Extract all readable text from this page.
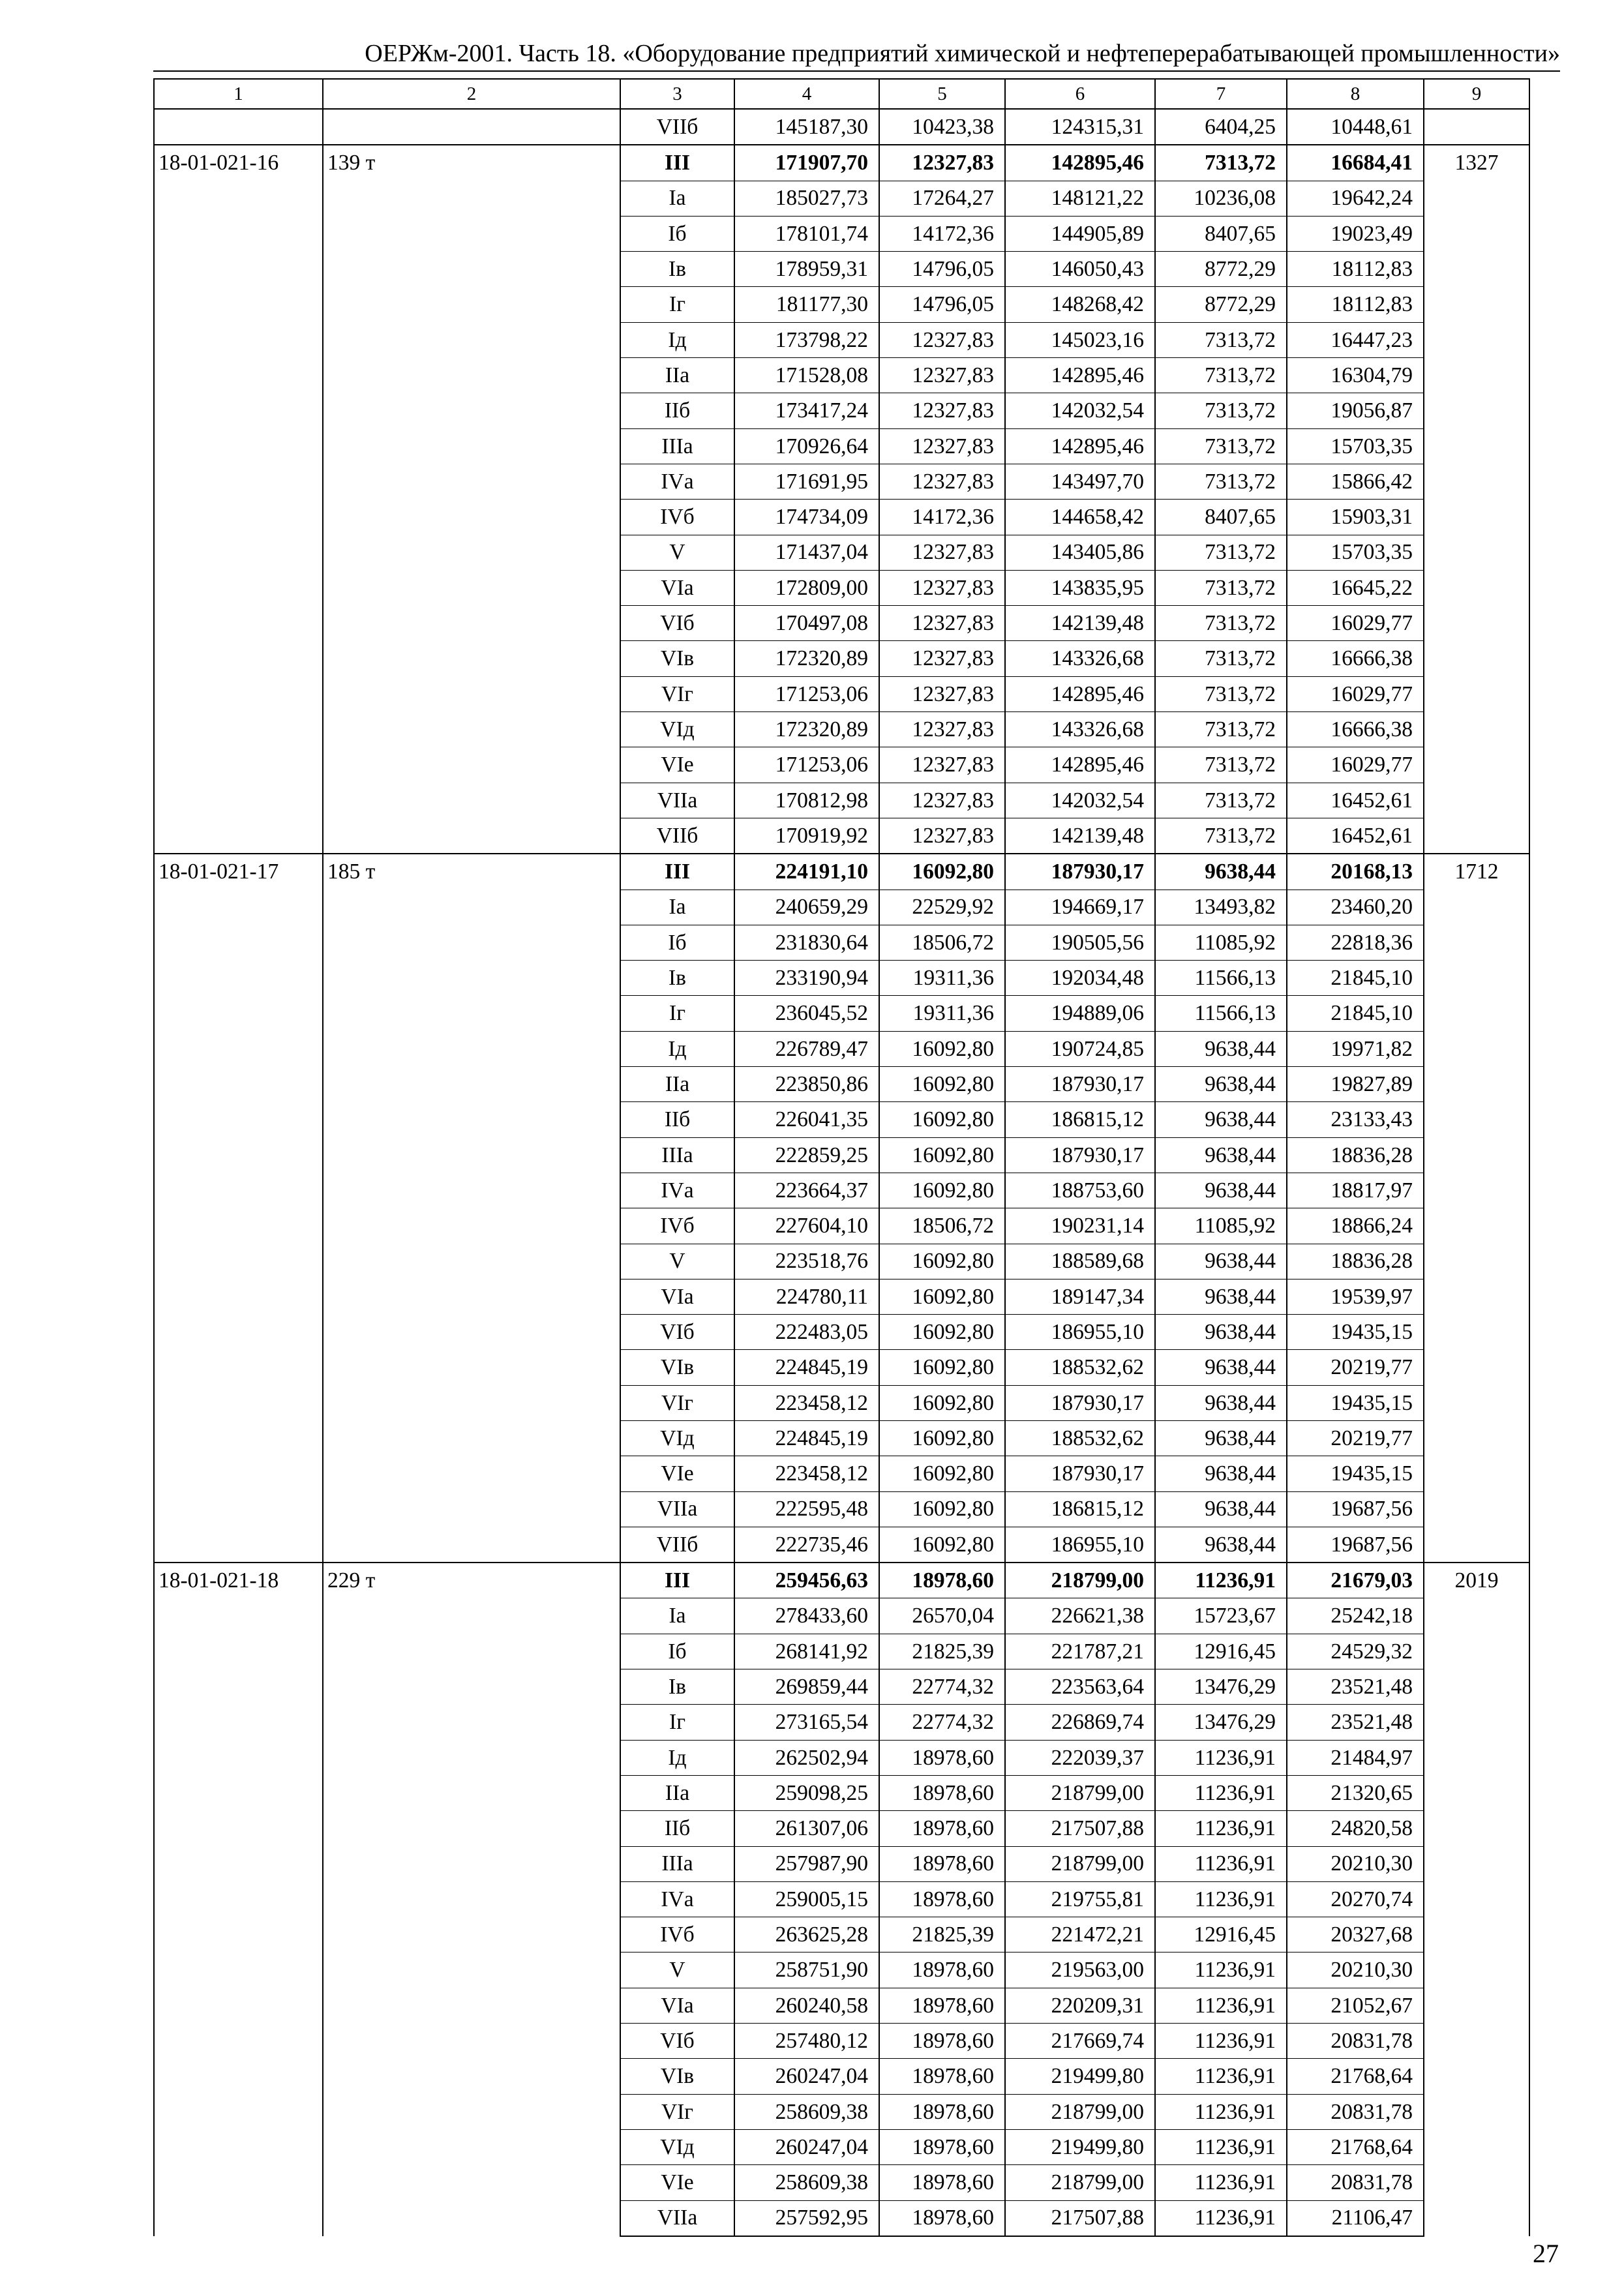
ОЕРЖм-2001. Часть 18. «Оборудование предприятий химической и нефтеперерабатывающей промышленности»
1	2	3	4	5	6	7	8	9
		VIIб	145187,30	10423,38	124315,31	6404,25	10448,61	
18-01-021-16	139 т	III	171907,70	12327,83	142895,46	7313,72	16684,41	1327
		Iа	185027,73	17264,27	148121,22	10236,08	19642,24	
		Iб	178101,74	14172,36	144905,89	8407,65	19023,49	
		Iв	178959,31	14796,05	146050,43	8772,29	18112,83	
		Iг	181177,30	14796,05	148268,42	8772,29	18112,83	
		Iд	173798,22	12327,83	145023,16	7313,72	16447,23	
		IIа	171528,08	12327,83	142895,46	7313,72	16304,79	
		IIб	173417,24	12327,83	142032,54	7313,72	19056,87	
		IIIа	170926,64	12327,83	142895,46	7313,72	15703,35	
		IVа	171691,95	12327,83	143497,70	7313,72	15866,42	
		IVб	174734,09	14172,36	144658,42	8407,65	15903,31	
		V	171437,04	12327,83	143405,86	7313,72	15703,35	
		VIа	172809,00	12327,83	143835,95	7313,72	16645,22	
		VIб	170497,08	12327,83	142139,48	7313,72	16029,77	
		VIв	172320,89	12327,83	143326,68	7313,72	16666,38	
		VIг	171253,06	12327,83	142895,46	7313,72	16029,77	
		VIд	172320,89	12327,83	143326,68	7313,72	16666,38	
		VIе	171253,06	12327,83	142895,46	7313,72	16029,77	
		VIIа	170812,98	12327,83	142032,54	7313,72	16452,61	
		VIIб	170919,92	12327,83	142139,48	7313,72	16452,61	
18-01-021-17	185 т	III	224191,10	16092,80	187930,17	9638,44	20168,13	1712
		Iа	240659,29	22529,92	194669,17	13493,82	23460,20	
		Iб	231830,64	18506,72	190505,56	11085,92	22818,36	
		Iв	233190,94	19311,36	192034,48	11566,13	21845,10	
		Iг	236045,52	19311,36	194889,06	11566,13	21845,10	
		Iд	226789,47	16092,80	190724,85	9638,44	19971,82	
		IIа	223850,86	16092,80	187930,17	9638,44	19827,89	
		IIб	226041,35	16092,80	186815,12	9638,44	23133,43	
		IIIа	222859,25	16092,80	187930,17	9638,44	18836,28	
		IVа	223664,37	16092,80	188753,60	9638,44	18817,97	
		IVб	227604,10	18506,72	190231,14	11085,92	18866,24	
		V	223518,76	16092,80	188589,68	9638,44	18836,28	
		VIа	224780,11	16092,80	189147,34	9638,44	19539,97	
		VIб	222483,05	16092,80	186955,10	9638,44	19435,15	
		VIв	224845,19	16092,80	188532,62	9638,44	20219,77	
		VIг	223458,12	16092,80	187930,17	9638,44	19435,15	
		VIд	224845,19	16092,80	188532,62	9638,44	20219,77	
		VIе	223458,12	16092,80	187930,17	9638,44	19435,15	
		VIIа	222595,48	16092,80	186815,12	9638,44	19687,56	
		VIIб	222735,46	16092,80	186955,10	9638,44	19687,56	
18-01-021-18	229 т	III	259456,63	18978,60	218799,00	11236,91	21679,03	2019
		Iа	278433,60	26570,04	226621,38	15723,67	25242,18	
		Iб	268141,92	21825,39	221787,21	12916,45	24529,32	
		Iв	269859,44	22774,32	223563,64	13476,29	23521,48	
		Iг	273165,54	22774,32	226869,74	13476,29	23521,48	
		Iд	262502,94	18978,60	222039,37	11236,91	21484,97	
		IIа	259098,25	18978,60	218799,00	11236,91	21320,65	
		IIб	261307,06	18978,60	217507,88	11236,91	24820,58	
		IIIа	257987,90	18978,60	218799,00	11236,91	20210,30	
		IVа	259005,15	18978,60	219755,81	11236,91	20270,74	
		IVб	263625,28	21825,39	221472,21	12916,45	20327,68	
		V	258751,90	18978,60	219563,00	11236,91	20210,30	
		VIа	260240,58	18978,60	220209,31	11236,91	21052,67	
		VIб	257480,12	18978,60	217669,74	11236,91	20831,78	
		VIв	260247,04	18978,60	219499,80	11236,91	21768,64	
		VIг	258609,38	18978,60	218799,00	11236,91	20831,78	
		VIд	260247,04	18978,60	219499,80	11236,91	21768,64	
		VIе	258609,38	18978,60	218799,00	11236,91	20831,78	
		VIIа	257592,95	18978,60	217507,88	11236,91	21106,47	
27
